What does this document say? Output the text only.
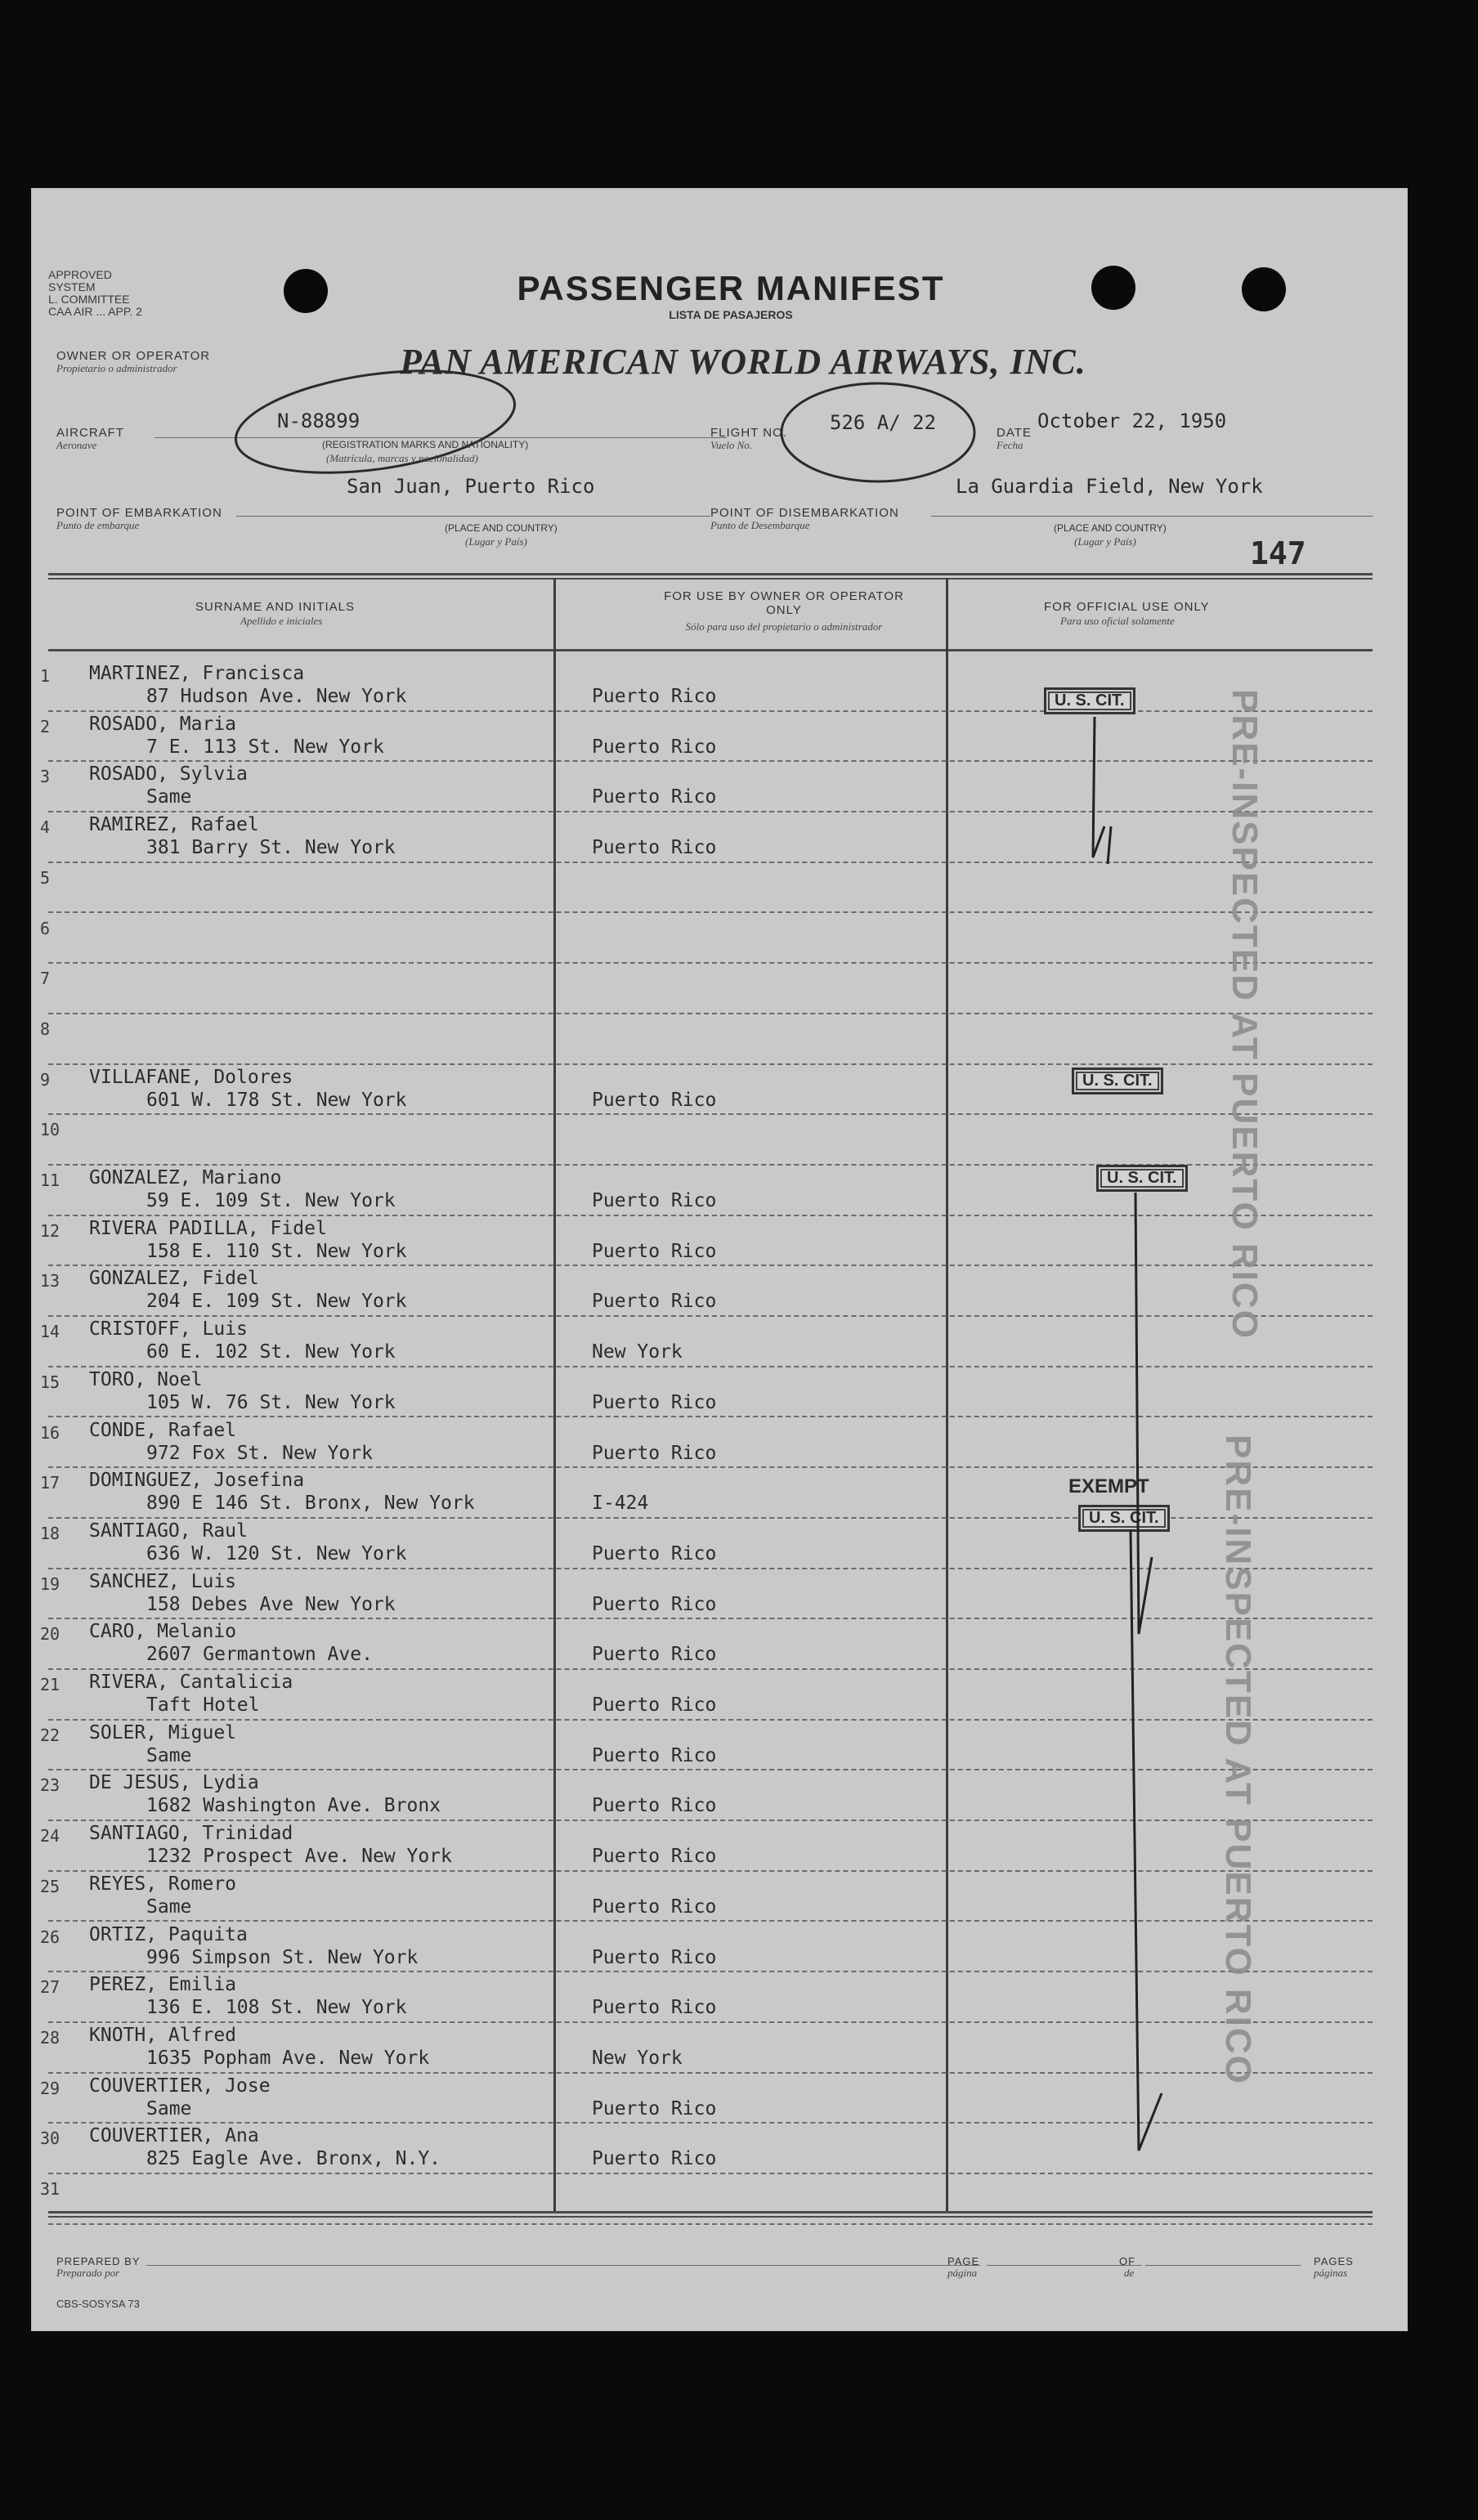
APPROVED
SYSTEM
L. COMMITTEE
CAA AIR ... APP. 2
PASSENGER MANIFEST
LISTA DE PASAJEROS
OWNER OR OPERATOR
Propietario o administrador	PAN AMERICAN WORLD AIRWAYS, INC.
AIRCRAFT
Aeronave
N-88899
(REGISTRATION MARKS AND NATIONALITY)
(Matrícula, marcas y nacionalidad)
FLIGHT NO.
Vuelo No.
526 A/ 22	DATE
Fecha
October 22, 1950
San Juan, Puerto Rico	La Guardia Field, New York
POINT OF EMBARKATION
Punto de embarque
POINT OF DISEMBARKATION
Punto de Desembarque
(PLACE AND COUNTRY)
(Lugar y País)
(PLACE AND COUNTRY)
(Lugar y País)	147
SURNAME AND INITIALS
Apellido e iniciales
FOR USE BY OWNER OR OPERATOR ONLY
Sólo para uso del propietario o administrador
FOR OFFICIAL USE ONLY
Para uso oficial solamente
1 MARTINEZ, Francisca
87 Hudson Ave. New York	Puerto Rico
2 ROSADO, Maria
7 E. 113 St. New York	Puerto Rico
3 ROSADO, Sylvia
Same	Puerto Rico
4 RAMIREZ, Rafael
381 Barry St. New York	Puerto Rico
5
6
7
8
9 VILLAFANE, Dolores
601 W. 178 St. New York	Puerto Rico
10
11 GONZALEZ, Mariano
59 E. 109 St. New York	Puerto Rico
12 RIVERA PADILLA, Fidel
158 E. 110 St. New York	Puerto Rico
13 GONZALEZ, Fidel
204 E. 109 St. New York	Puerto Rico
14 CRISTOFF, Luis
60 E. 102 St. New York	New York
15 TORO, Noel
105 W. 76 St. New York	Puerto Rico
16 CONDE, Rafael
972 Fox St. New York	Puerto Rico
17 DOMINGUEZ, Josefina
890 E 146 St. Bronx, New York	I-424
18 SANTIAGO, Raul
636 W. 120 St. New York	Puerto Rico
19 SANCHEZ, Luis
158 Debes Ave New York	Puerto Rico
20 CARO, Melanio
2607 Germantown Ave.	Puerto Rico
21 RIVERA, Cantalicia
Taft Hotel	Puerto Rico
22 SOLER, Miguel
Same	Puerto Rico
23 DE JESUS, Lydia
1682 Washington Ave. Bronx	Puerto Rico
24 SANTIAGO, Trinidad
1232 Prospect Ave. New York	Puerto Rico
25 REYES, Romero
Same	Puerto Rico
26 ORTIZ, Paquita
996 Simpson St. New York	Puerto Rico
27 PEREZ, Emilia
136 E. 108 St. New York	Puerto Rico
28 KNOTH, Alfred
1635 Popham Ave. New York	New York
29 COUVERTIER, Jose
Same	Puerto Rico
30 COUVERTIER, Ana
825 Eagle Ave. Bronx, N.Y.	Puerto Rico
31
PREPARED BY
Preparado por
PAGE
página
OF
de
PAGES
páginas
CBS-SOSYSA 73
U. S. CIT.
U. S. CIT.
U. S. CIT.
EXEMPT
U. S. CIT.
PRE-INSPECTED AT PUERTO RICO
PRE-INSPECTED AT PUERTO RICO
